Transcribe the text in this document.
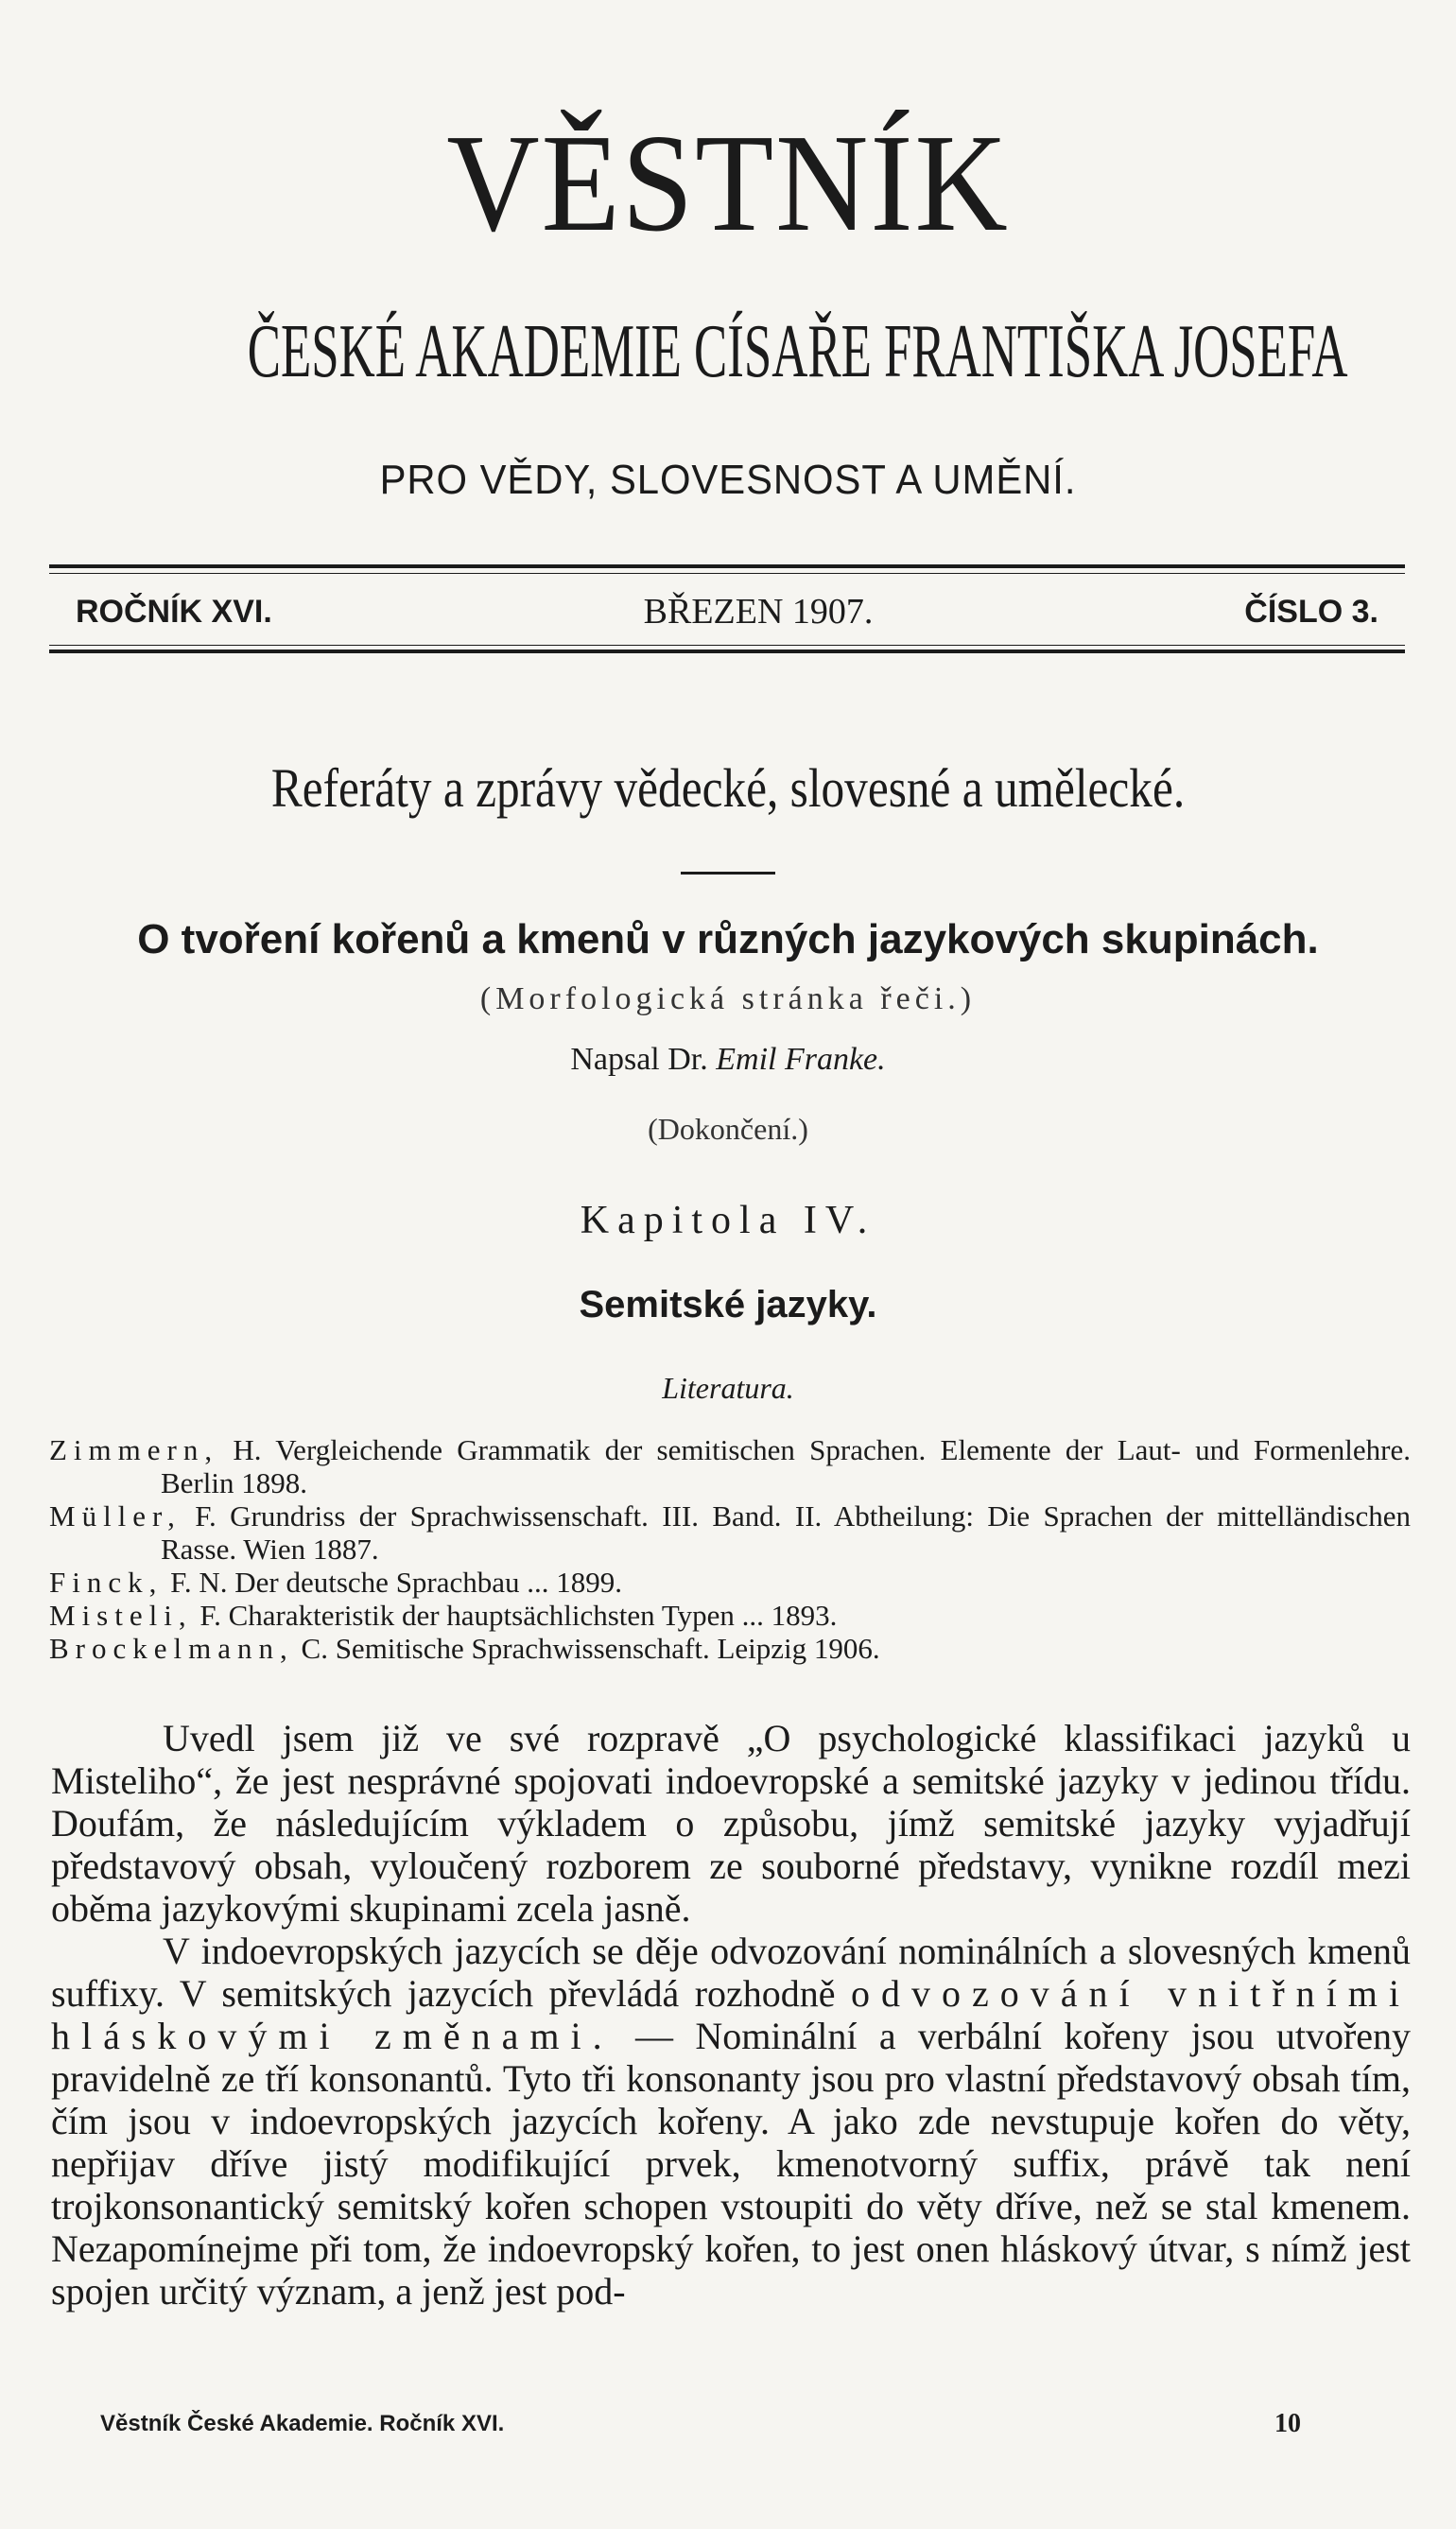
VĚSTNÍK
ČESKÉ AKADEMIE CÍSAŘE FRANTIŠKA JOSEFA
PRO VĚDY, SLOVESNOST A UMĚNÍ.
ROČNÍK XVI.	BŘEZEN 1907.	ČÍSLO 3.
Referáty a zprávy vědecké, slovesné a umělecké.
O tvoření kořenů a kmenů v různých jazykových skupinách.
(Morfologická stránka řeči.)
Napsal Dr. Emil Franke.
(Dokončení.)
Kapitola IV.
Semitské jazyky.
Literatura.
Zimmern, H. Vergleichende Grammatik der semitischen Sprachen. Elemente der Laut- und Formenlehre. Berlin 1898.
Müller, F. Grundriss der Sprachwissenschaft. III. Band. II. Abtheilung: Die Sprachen der mittelländischen Rasse. Wien 1887.
Finck, F. N. Der deutsche Sprachbau ... 1899.
Misteli, F. Charakteristik der hauptsächlichsten Typen ... 1893.
Brockelmann, C. Semitische Sprachwissenschaft. Leipzig 1906.

Uvedl jsem již ve své rozpravě „O psychologické klassifikaci jazyků u Misteliho“, že jest nesprávné spojovati indoevropské a semitské jazyky v jedinou třídu. Doufám, že následujícím výkladem o způsobu, jímž semitské jazyky vyjadřují představový obsah, vyloučený rozborem ze souborné představy, vynikne rozdíl mezi oběma jazykovými skupinami zcela jasně.

V indoevropských jazycích se děje odvozování nominálních a slovesných kmenů suffixy. V semitských jazycích převládá rozhodně odvozování vnitřními hláskovými změnami. — Nominální a verbální kořeny jsou utvořeny pravidelně ze tří konsonantů. Tyto tři konsonanty jsou pro vlastní představový obsah tím, čím jsou v indoevropských jazycích kořeny. A jako zde nevstupuje kořen do věty, nepřijav dříve jistý modifikující prvek, kmenotvorný suffix, právě tak není trojkonsonantický semitský kořen schopen vstoupiti do věty dříve, než se stal kmenem. Nezapomínejme při tom, že indoevropský kořen, to jest onen hláskový útvar, s nímž jest spojen určitý význam, a jenž jest pod-

Věstník České Akademie. Ročník XVI.	10
